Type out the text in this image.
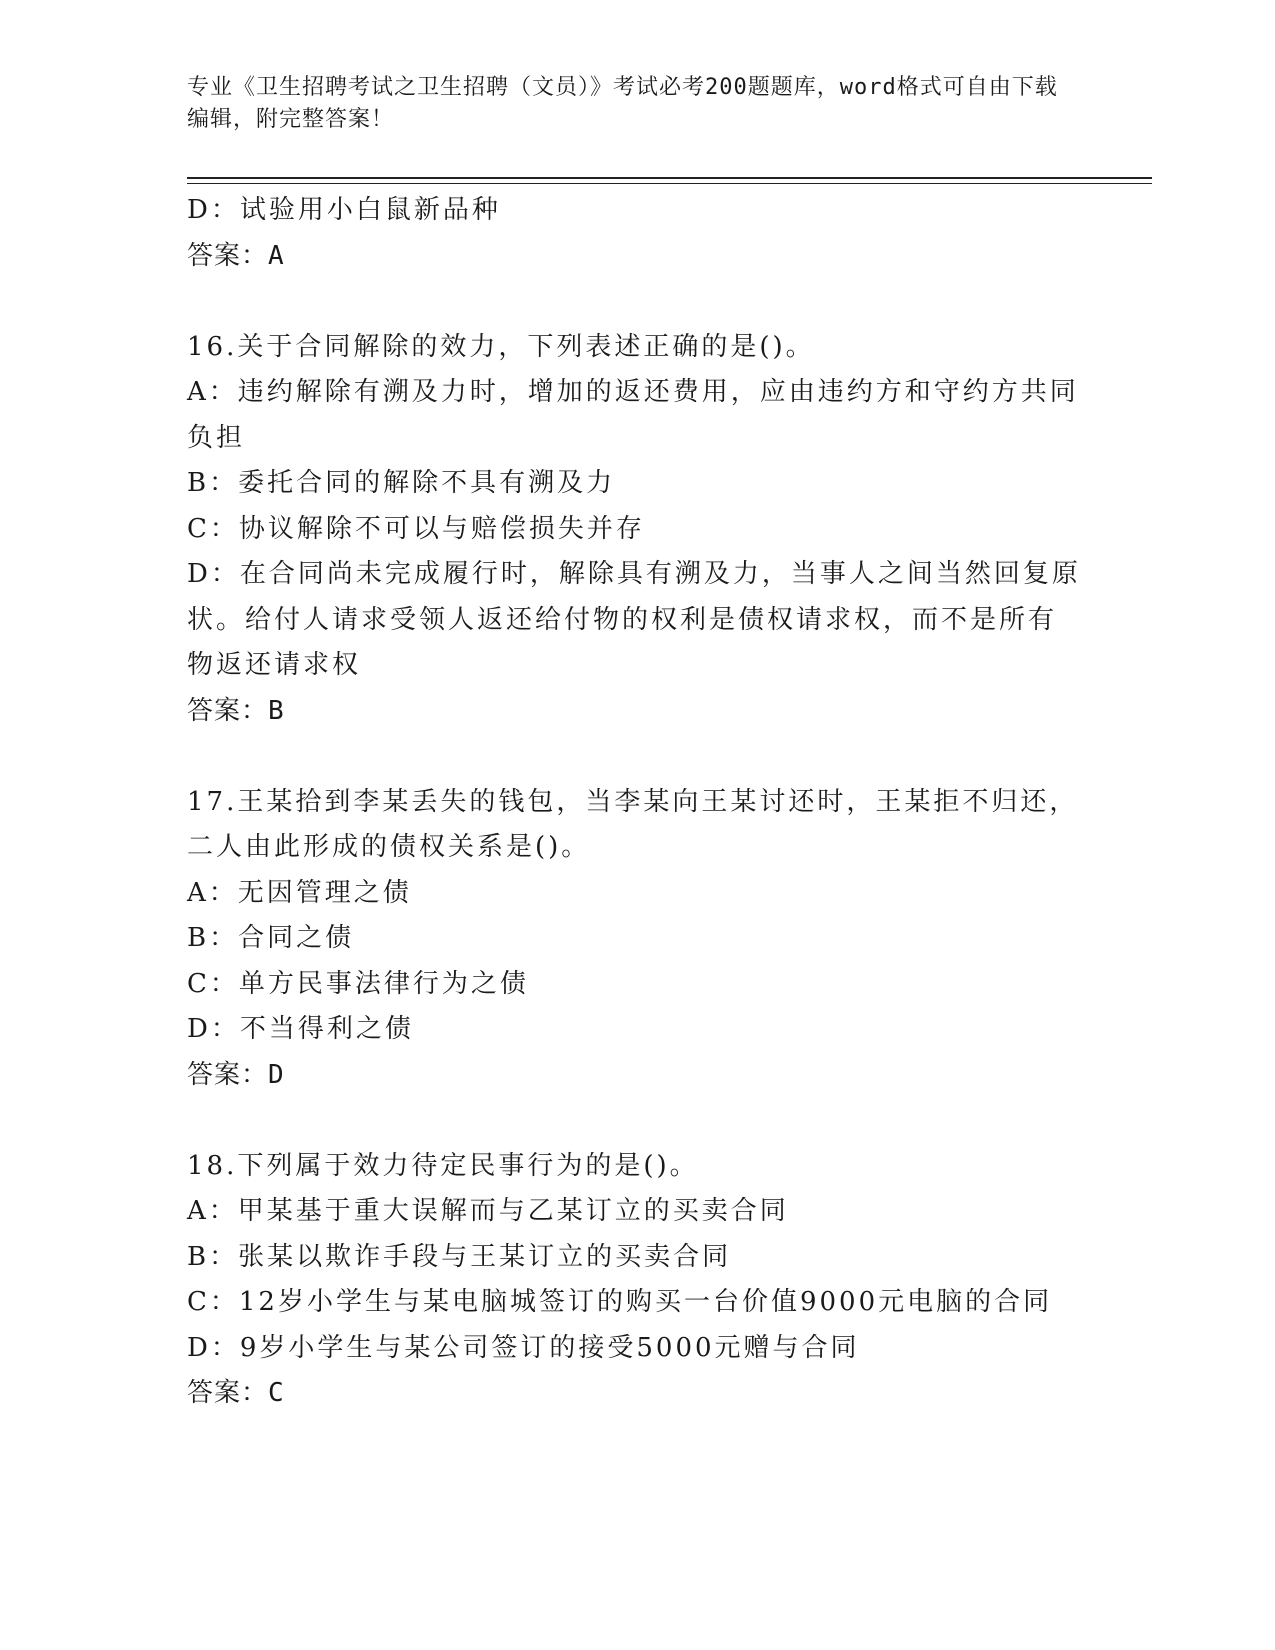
专业《卫生招聘考试之卫生招聘（文员）》考试必考200题题库，word格式可自由下载编辑，附完整答案！

D：试验用小白鼠新品种

答案：A

16.关于合同解除的效力，下列表述正确的是()。

A：违约解除有溯及力时，增加的返还费用，应由违约方和守约方共同

负担

B：委托合同的解除不具有溯及力

C：协议解除不可以与赔偿损失并存

D：在合同尚未完成履行时，解除具有溯及力，当事人之间当然回复原

状。给付人请求受领人返还给付物的权利是债权请求权，而不是所有

物返还请求权

答案：B

17.王某拾到李某丢失的钱包，当李某向王某讨还时，王某拒不归还，

二人由此形成的债权关系是()。

A：无因管理之债

B：合同之债

C：单方民事法律行为之债

D：不当得利之债

答案：D

18.下列属于效力待定民事行为的是()。

A：甲某基于重大误解而与乙某订立的买卖合同

B：张某以欺诈手段与王某订立的买卖合同

C：12岁小学生与某电脑城签订的购买一台价值9000元电脑的合同

D：9岁小学生与某公司签订的接受5000元赠与合同

答案：C
